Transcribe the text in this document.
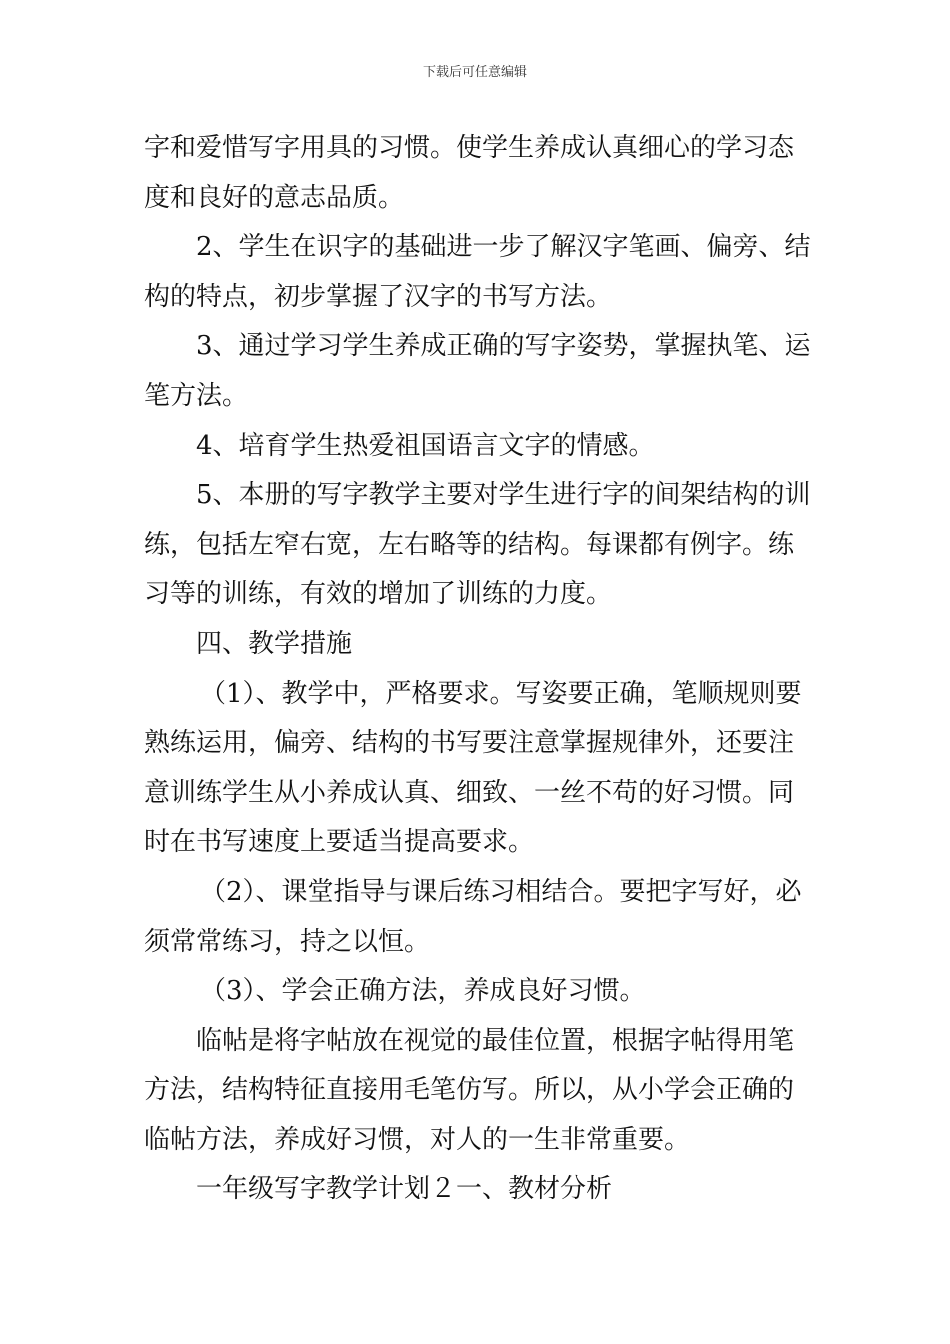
下载后可任意编辑
字和爱惜写字用具的习惯。使学生养成认真细心的学习态
度和良好的意志品质。
2、学生在识字的基础进一步了解汉字笔画、偏旁、结
构的特点，初步掌握了汉字的书写方法。
3、通过学习学生养成正确的写字姿势，掌握执笔、运
笔方法。
4、培育学生热爱祖国语言文字的情感。
5、本册的写字教学主要对学生进行字的间架结构的训
练，包括左窄右宽，左右略等的结构。每课都有例字。练
习等的训练，有效的增加了训练的力度。
四、教学措施
（1）、教学中，严格要求。写姿要正确，笔顺规则要
熟练运用，偏旁、结构的书写要注意掌握规律外，还要注
意训练学生从小养成认真、细致、一丝不苟的好习惯。同
时在书写速度上要适当提高要求。
（2）、课堂指导与课后练习相结合。要把字写好，必
须常常练习，持之以恒。
（3）、学会正确方法，养成良好习惯。
临帖是将字帖放在视觉的最佳位置，根据字帖得用笔
方法，结构特征直接用毛笔仿写。所以，从小学会正确的
临帖方法，养成好习惯，对人的一生非常重要。
一年级写字教学计划２一、教材分析
